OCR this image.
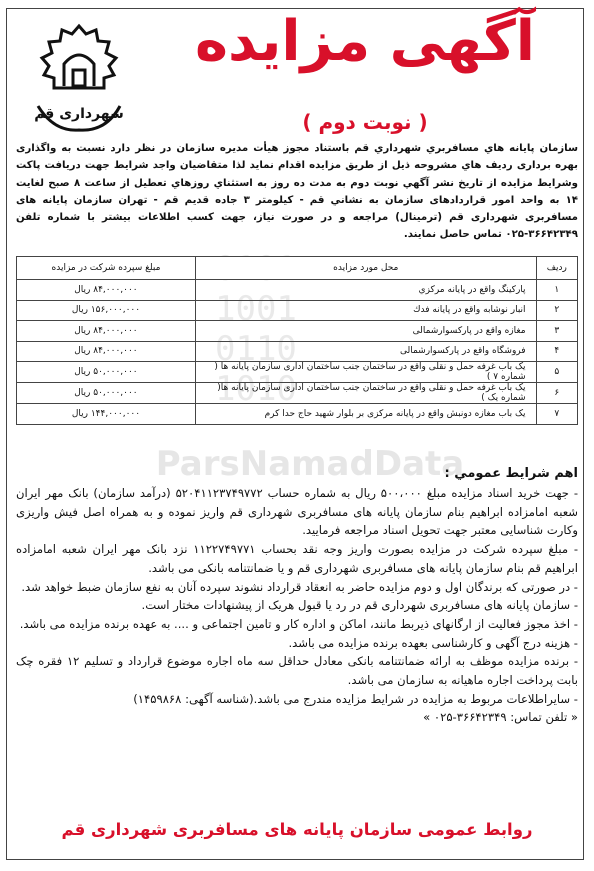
1001
0110
1010
ParsNamadData
شهرداری قم
آگهی مزایده
( نوبت دوم )
سازمان پايانه هاي مسافربري شهرداري قم باستناد مجوز هيأت مديره سازمان در نظر دارد نسبت به واگذاری بهره برداری رديف هاي مشروحه ذيل از طريق مزايده اقدام نمايد لذا متقاضيان واجد شرايط جهت دريافت پاكت وشرايط مزايده از تاريخ نشر آگهي نوبت دوم به مدت ده روز به استثناي روزهاي تعطيل از ساعت ۸ صبح لغايت ۱۴ به واحد امور قراردادهای سازمان به نشاني قم - کیلومتر ۳ جاده قدیم قم - تهران سازمان پایانه های مسافربری شهرداری قم (ترمینال) مراجعه و در صورت نیاز، جهت کسب اطلاعات بیشتر با شماره تلفن ۳۶۶۴۲۳۴۹-۰۲۵ تماس حاصل نمايند.
رديف	محل مورد مزايده	مبلغ سپرده شركت در مزايده
۱	پاركينگ واقع در پايانه مركزي	۸۴,۰۰۰,۰۰۰ ريال
۲	انبار نوشابه واقع در پايانه فدك	۱۵۶,۰۰۰,۰۰۰ ريال
۳	مغازه واقع در پارکسوارشمالی	۸۴,۰۰۰,۰۰۰ ريال
۴	فروشگاه واقع در پارکسوارشمالی	۸۴,۰۰۰,۰۰۰ ريال
۵	یک باب غرفه حمل و نقلی واقع در ساختمان جنب ساختمان اداری سازمان پایانه ها ( شماره ۷ )	۵۰,۰۰۰,۰۰۰ ريال
۶	یک باب غرفه حمل و نقلی واقع در ساختمان جنب ساختمان اداری سازمان پایانه ها( شماره یک )	۵۰,۰۰۰,۰۰۰ ريال
۷	یک باب مغازه دونبش واقع در پایانه مرکزی بر بلوار شهید حاج حدا کرم	۱۴۴,۰۰۰,۰۰۰ ريال
اهم شرايط عمومي :

- جهت خرید اسناد مزایده مبلغ ۵۰۰،۰۰۰ ریال به شماره حساب ۵۲۰۴۱۱۲۳۷۴۹۷۷۲ (درآمد سازمان) بانک مهر ایران شعبه امامزاده ابراهیم بنام سازمان پایانه های مسافربری شهرداری قم واریز نموده و به همراه اصل فیش واریزی وکارت شناسایی معتبر جهت تحویل اسناد مراجعه فرمایید.

- مبلغ سپرده شرکت در مزایده بصورت واریز وجه نقد بحساب ۱۱۲۲۷۴۹۷۷۱ نزد بانک مهر ایران شعبه امامزاده ابراهیم قم بنام سازمان پایانه های مسافربری شهرداری قم و یا ضمانتنامه بانکی می باشد.

- در صورتی که برندگان اول و دوم مزایده حاضر به انعقاد قرارداد نشوند سپرده آنان به نفع سازمان ضبط خواهد شد.

- سازمان پایانه های مسافربری شهرداری قم در رد یا قبول هریک از پیشنهادات مختار است.

- اخذ مجوز فعالیت از ارگانهای ذیربط مانند، اماکن و اداره کار و تامین اجتماعی و .... به عهده برنده مزایده می باشد.

- هزینه درج آگهی و کارشناسی بعهده برنده مزایده می باشد.

- برنده مزایده موظف به ارائه ضمانتنامه بانکی معادل حداقل سه ماه اجاره موضوع قرارداد و تسلیم ۱۲ فقره چک بابت پرداخت اجاره ماهیانه به سازمان می باشد.

- سایراطلاعات مربوط به مزایده در شرایط مزایده مندرج می باشد.(شناسه آگهی: ۱۴۵۹۸۶۸)

« تلفن تماس: ۳۶۶۴۲۳۴۹-۰۲۵ »

روابط عمومی سازمان پایانه های مسافربری شهرداری قم
